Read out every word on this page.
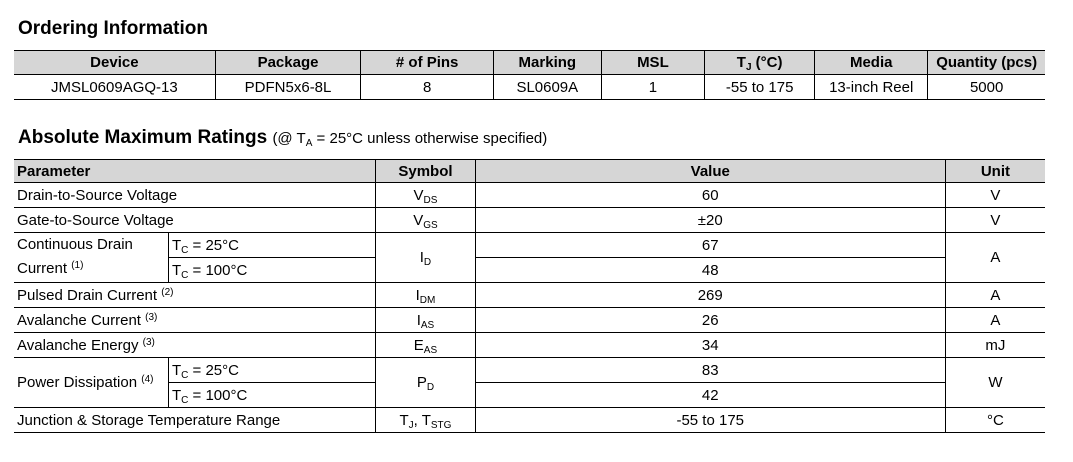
Ordering Information
Device	Package	# of Pins	Marking	MSL	$T_J$ (°C)	Media	Quantity (pcs)
JMSL0609AGQ-13	PDFN5x6-8L	8	SL0609A	1	-55 to 175	13-inch Reel	5000
Absolute Maximum Ratings (@ $T_A = 25^\circ C$ unless otherwise specified)
Parameter		Symbol	Value	Unit
Drain-to-Source Voltage		$V_{DS}$	60	V
Gate-to-Source Voltage		$V_{GS}$	±20	V

Continuous Drain
Current $^{(1)}$	$T_C = 25^\circ C$	$I_D$	67	A
	$T_C = 100^\circ C$		48	
Pulsed Drain Current $^{(2)}$		$I_{DM}$	269	A
Avalanche Current $^{(3)}$		$I_{AS}$	26	A
Avalanche Energy $^{(3)}$		$E_{AS}$	34	mJ
Power Dissipation $^{(4)}$	$T_C = 25^\circ C$	$P_D$	83	W
	$T_C = 100^\circ C$		42	
Junction & Storage Temperature Range		$T_J$, $T_{STG}$	-55 to 175	°C
